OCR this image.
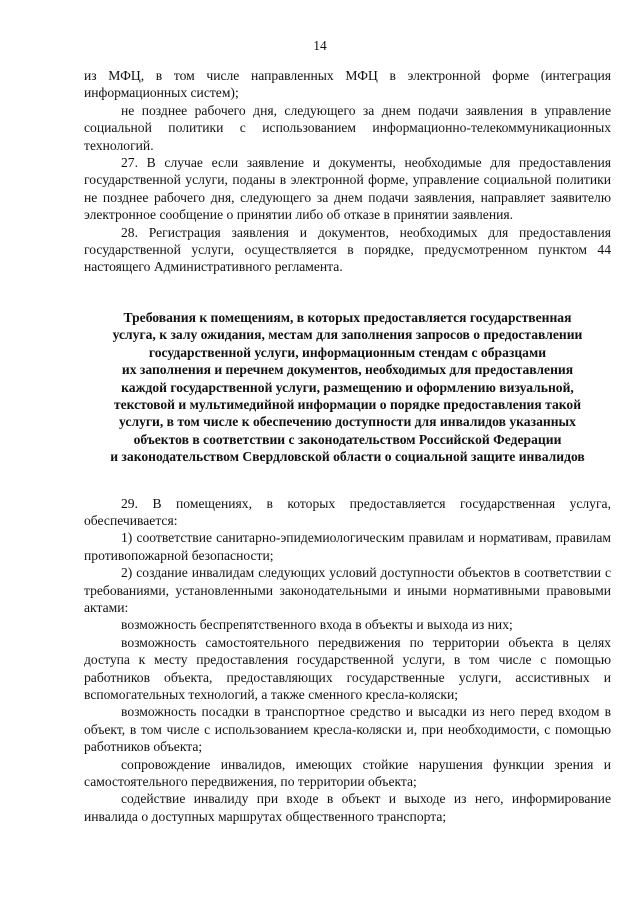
14

из МФЦ, в том числе направленных МФЦ в электронной форме (интеграция информационных систем);

не позднее рабочего дня, следующего за днем подачи заявления в управление социальной политики с использованием информационно-телекоммуникационных технологий.

27. В случае если заявление и документы, необходимые для предоставления государственной услуги, поданы в электронной форме, управление социальной политики не позднее рабочего дня, следующего за днем подачи заявления, направляет заявителю электронное сообщение о принятии либо об отказе в принятии заявления.

28. Регистрация заявления и документов, необходимых для предоставления государственной услуги, осуществляется в порядке, предусмотренном пунктом 44 настоящего Административного регламента.

Требования к помещениям, в которых предоставляется государственная
услуга, к залу ожидания, местам для заполнения запросов о предоставлении
государственной услуги, информационным стендам с образцами
их заполнения и перечнем документов, необходимых для предоставления
каждой государственной услуги, размещению и оформлению визуальной,
текстовой и мультимедийной информации о порядке предоставления такой
услуги, в том числе к обеспечению доступности для инвалидов указанных
объектов в соответствии с законодательством Российской Федерации
и законодательством Свердловской области о социальной защите инвалидов

29. В помещениях, в которых предоставляется государственная услуга, обеспечивается:

1) соответствие санитарно-эпидемиологическим правилам и нормативам, правилам противопожарной безопасности;

2) создание инвалидам следующих условий доступности объектов в соответствии с требованиями, установленными законодательными и иными нормативными правовыми актами:

возможность беспрепятственного входа в объекты и выхода из них;

возможность самостоятельного передвижения по территории объекта в целях доступа к месту предоставления государственной услуги, в том числе с помощью работников объекта, предоставляющих государственные услуги, ассистивных и вспомогательных технологий, а также сменного кресла-коляски;

возможность посадки в транспортное средство и высадки из него перед входом в объект, в том числе с использованием кресла-коляски и, при необходимости, с помощью работников объекта;

сопровождение инвалидов, имеющих стойкие нарушения функции зрения и самостоятельного передвижения, по территории объекта;

содействие инвалиду при входе в объект и выходе из него, информирование инвалида о доступных маршрутах общественного транспорта;
